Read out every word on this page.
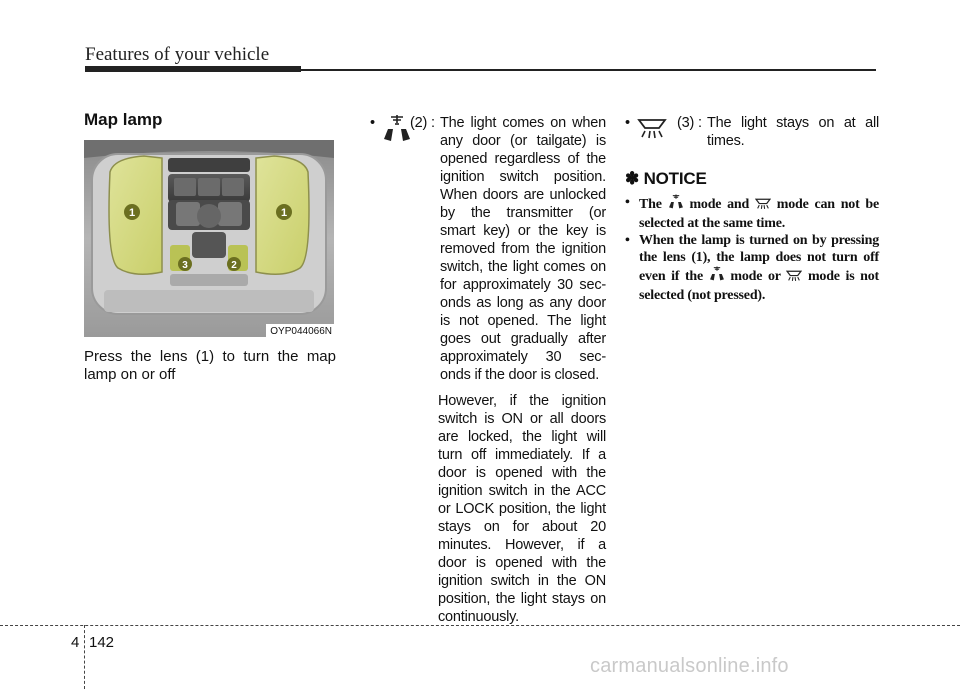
Features of your vehicle
Map lamp
1	1
3	2
OYP044066N
Press the lens (1) to turn the map lamp on or off
• (2) : The light comes on when any door (or tailgate) is opened regardless of the ignition switch position. When doors are unlocked by the transmitter (or smart key) or the key is removed from the ignition switch, the light comes on for approximately 30 sec-onds as long as any door is not opened. The light goes out gradually after approximately 30 sec-onds if the door is closed.
However, if the ignition switch is ON or all doors are locked, the light will turn off immediately. If a door is opened with the ignition switch in the ACC or LOCK position, the light stays on for about 20 minutes. However, if a door is opened with the ignition switch in the ON position, the light stays on continuously.
•	(3) : The light stays on at all times.
✽ NOTICE
• The mode and mode can not be selected at the same time.
• When the lamp is turned on by pressing the lens (1), the lamp does not turn off even if the mode or mode is not selected (not pressed).
4 142
carmanualsonline.info
